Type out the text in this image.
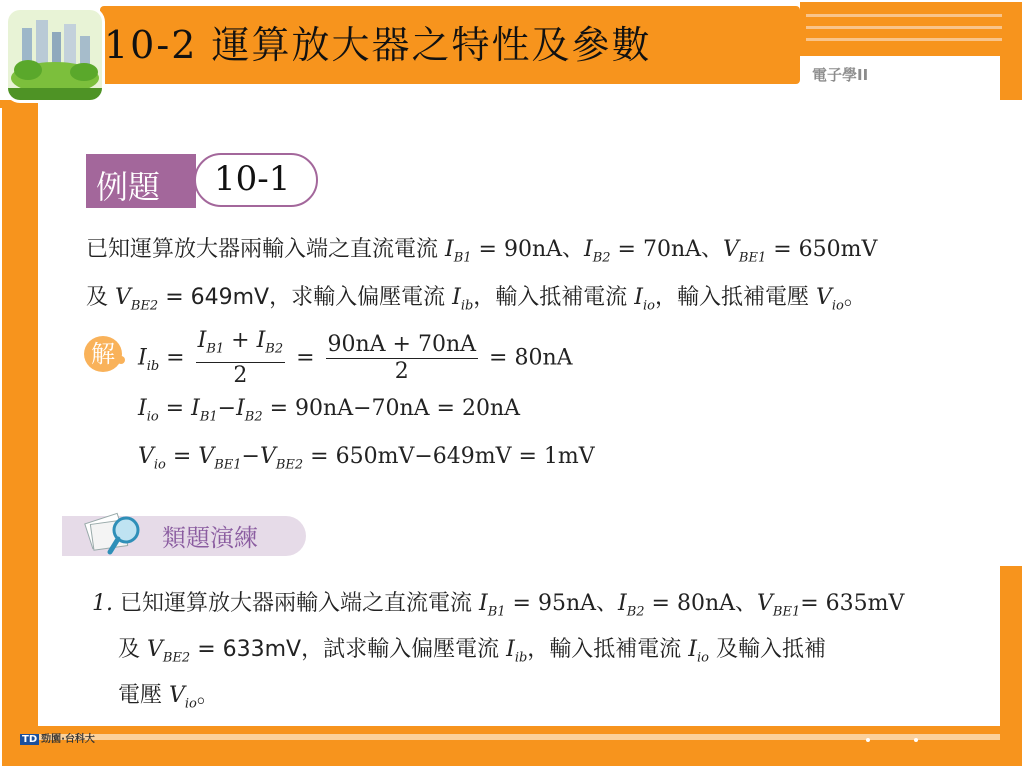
10-2 運算放大器之特性及參數
電子學II
例題 10-1
已知運算放大器兩輸入端之直流電流 $I_{B1} = 90nA$、$I_{B2} = 70nA$、$V_{BE1} = 650mV$
及 $V_{BE2} = 649mV$，求輸入偏壓電流 $I_{ib}$，輸入抵補電流 $I_{io}$，輸入抵補電壓 $V_{io}$。
解	$I_{ib} = \frac{I_{B1} + I_{B2}}{2} = \frac{90nA + 70nA}{2} = 80nA$
$I_{io} = I_{B1}-I_{B2} = 90nA-70nA = 20nA$
$V_{io} = V_{BE1}-V_{BE2} = 650mV-649mV = 1mV$
類題演練
1. 已知運算放大器兩輸入端之直流電流 $I_{B1} = 95nA$、$I_{B2} = 80nA$、$V_{BE1}= 635mV$
及 $V_{BE2} = 633mV$，試求輸入偏壓電流 $I_{ib}$，輸入抵補電流 $I_{io}$ 及輸入抵補
電壓 $V_{io}$。
TD 勁園·台科大
